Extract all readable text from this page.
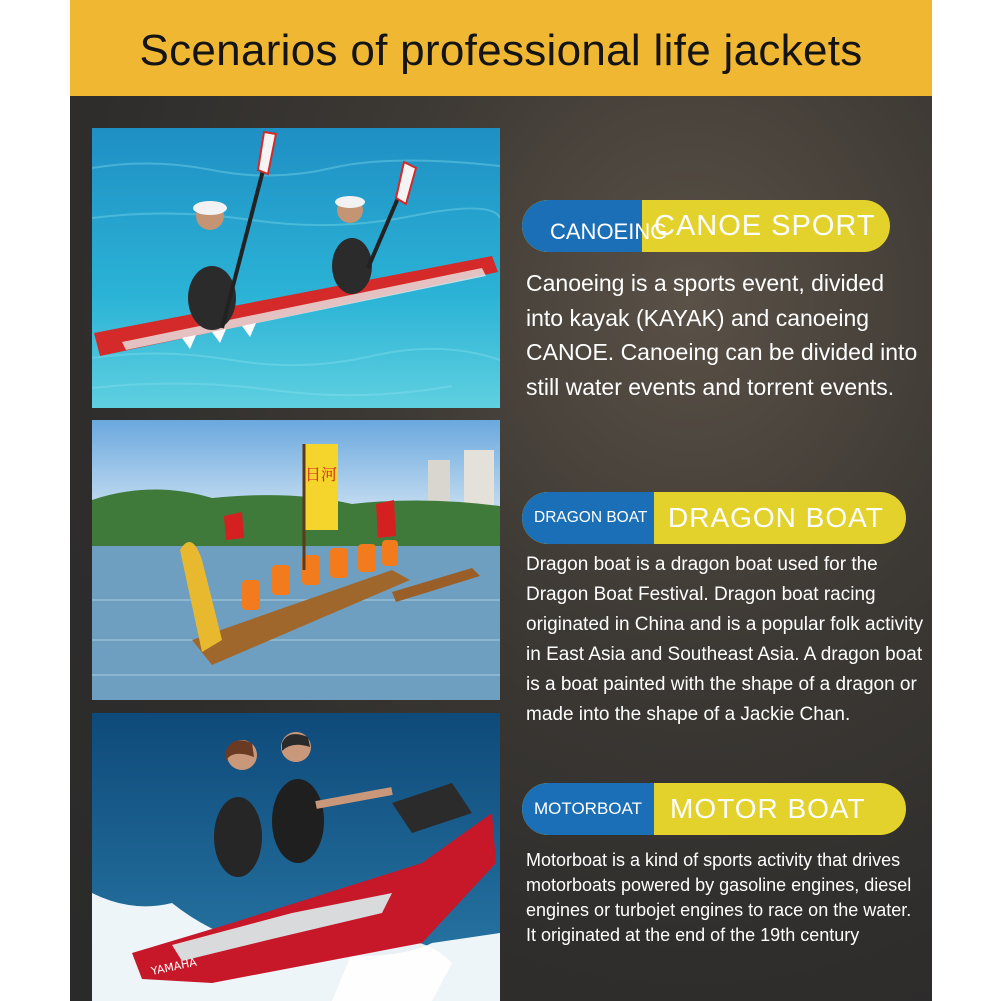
Scenarios of professional life jackets
日河
YAMAHA
CANOEING
CANOE SPORT
Canoeing is a sports event, divided into kayak (KAYAK) and canoeing CANOE. Canoeing can be divided into still water events and torrent events.
DRAGON BOAT DRAGON BOAT
Dragon boat is a dragon boat used for the Dragon Boat Festival. Dragon boat racing originated in China and is a popular folk activity in East Asia and Southeast Asia. A dragon boat is a boat painted with the shape of a dragon or made into the shape of a Jackie Chan.
MOTORBOAT MOTOR BOAT
Motorboat is a kind of sports activity that drives motorboats powered by gasoline engines, diesel engines or turbojet engines to race on the water. It originated at the end of the 19th century
